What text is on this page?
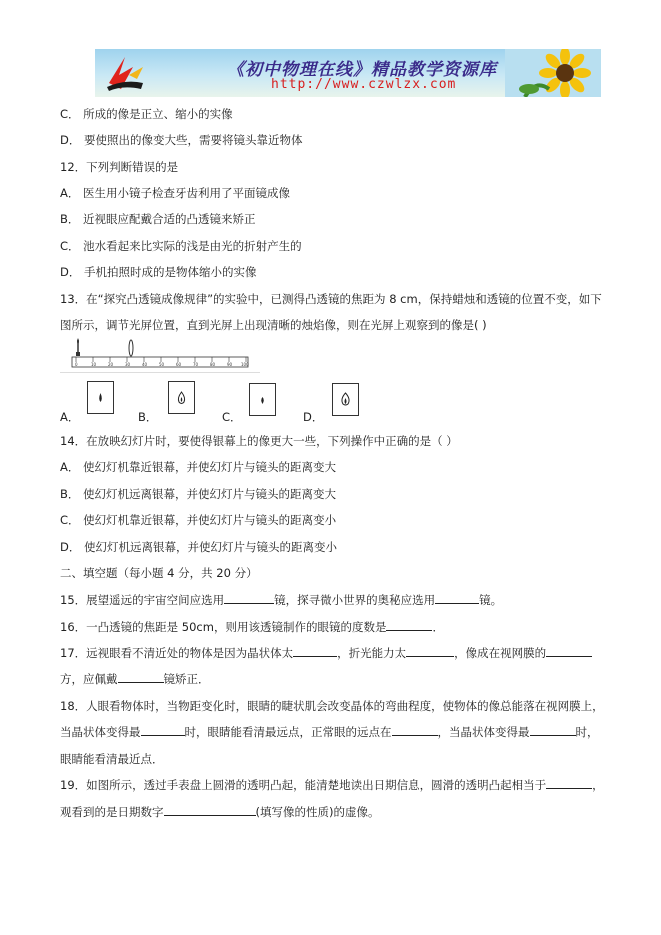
《初中物理在线》精品教学资源库
http://www.czwlzx.com
C． 所成的像是正立、缩小的实像
D． 要使照出的像变大些，需要将镜头靠近物体
12．下列判断错误的是
A． 医生用小镜子检查牙齿利用了平面镜成像
B． 近视眼应配戴合适的凸透镜来矫正
C． 池水看起来比实际的浅是由光的折射产生的
D． 手机拍照时成的是物体缩小的实像
13．在“探究凸透镜成像规律”的实验中，已测得凸透镜的焦距为 8 cm，保持蜡烛和透镜的位置不变，如下
图所示，调节光屏位置，直到光屏上出现清晰的烛焰像，则在光屏上观察到的像是( )
0	10	20	30	40	50	60	70	80	90 100
A．	B．	C．	D．
14．在放映幻灯片时，要使得银幕上的像更大一些，下列操作中正确的是（ ）
A． 使幻灯机靠近银幕，并使幻灯片与镜头的距离变大
B． 使幻灯机远离银幕，并使幻灯片与镜头的距离变大
C． 使幻灯机靠近银幕，并使幻灯片与镜头的距离变小
D． 使幻灯机远离银幕，并使幻灯片与镜头的距离变小
二、填空题（每小题 4 分，共 20 分）
15．展望遥远的宇宙空间应选用	镜，探寻微小世界的奥秘应选用	镜。
16．一凸透镜的焦距是 50cm，则用该透镜制作的眼镜的度数是	．
17．远视眼看不清近处的物体是因为晶状体太	，折光能力太	，像成在视网膜的
方，应佩戴	镜矫正．
18．人眼看物体时，当物距变化时，眼睛的睫状肌会改变晶体的弯曲程度，使物体的像总能落在视网膜上，
当晶状体变得最	时，眼睛能看清最远点，正常眼的远点在	，当晶状体变得最	时，
眼睛能看清最近点．
19．如图所示，透过手表盘上圆滑的透明凸起，能清楚地读出日期信息，圆滑的透明凸起相当于	，
观看到的是日期数字	(填写像的性质)的虚像。
